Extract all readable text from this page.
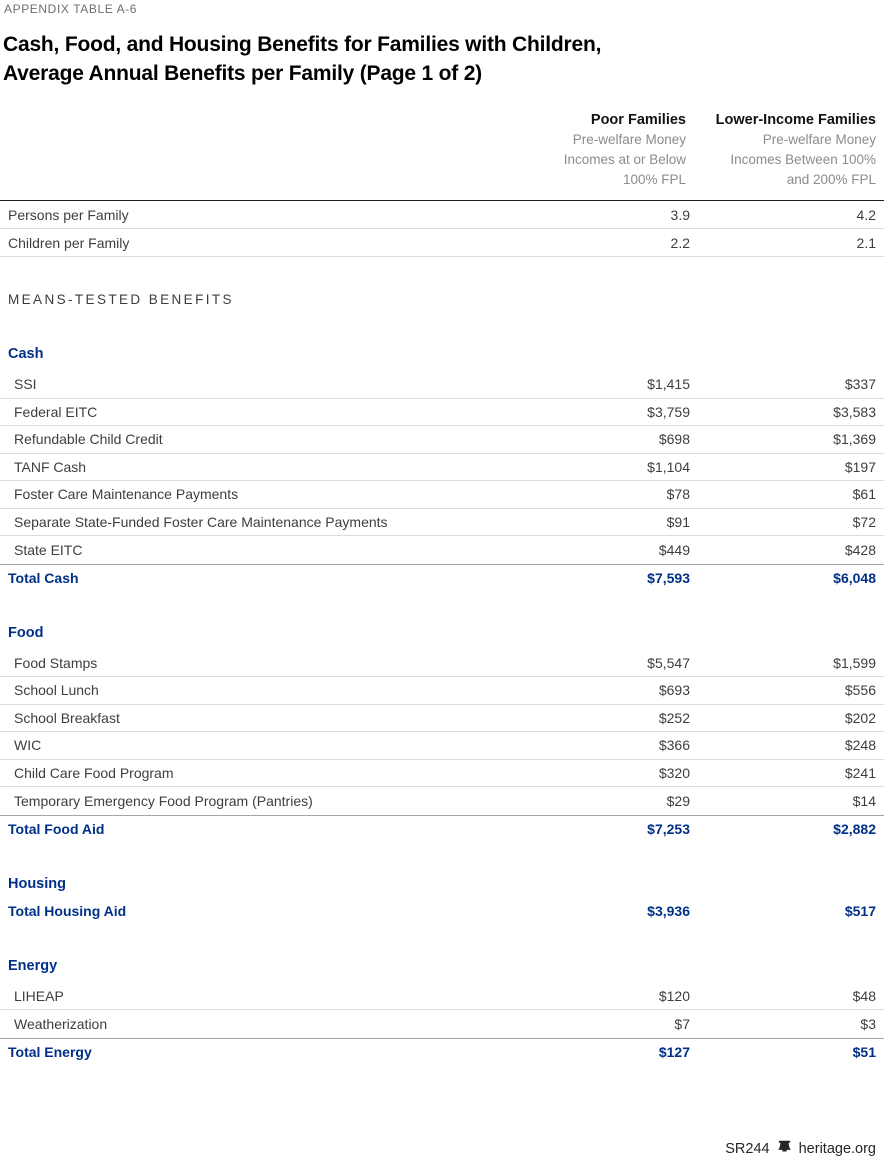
APPENDIX TABLE A-6
Cash, Food, and Housing Benefits for Families with Children,
Average Annual Benefits per Family (Page 1 of 2)
Poor Families
Pre-welfare Money
Incomes at or Below
100% FPL
Lower-Income Families
Pre-welfare Money
Incomes Between 100%
and 200% FPL
Persons per Family	3.9	4.2
Children per Family	2.2	2.1
MEANS-TESTED BENEFITS
Cash
SSI	$1,415	$337
Federal EITC	$3,759	$3,583
Refundable Child Credit	$698	$1,369
TANF Cash	$1,104	$197
Foster Care Maintenance Payments	$78	$61
Separate State-Funded Foster Care Maintenance Payments	$91	$72
State EITC	$449	$428
Total Cash	$7,593	$6,048
Food
Food Stamps	$5,547	$1,599
School Lunch	$693	$556
School Breakfast	$252	$202
WIC	$366	$248
Child Care Food Program	$320	$241
Temporary Emergency Food Program (Pantries)	$29	$14
Total Food Aid	$7,253	$2,882
Housing
Total Housing Aid	$3,936	$517
Energy
LIHEAP	$120	$48
Weatherization	$7	$3
Total Energy	$127	$51
SR244 heritage.org
